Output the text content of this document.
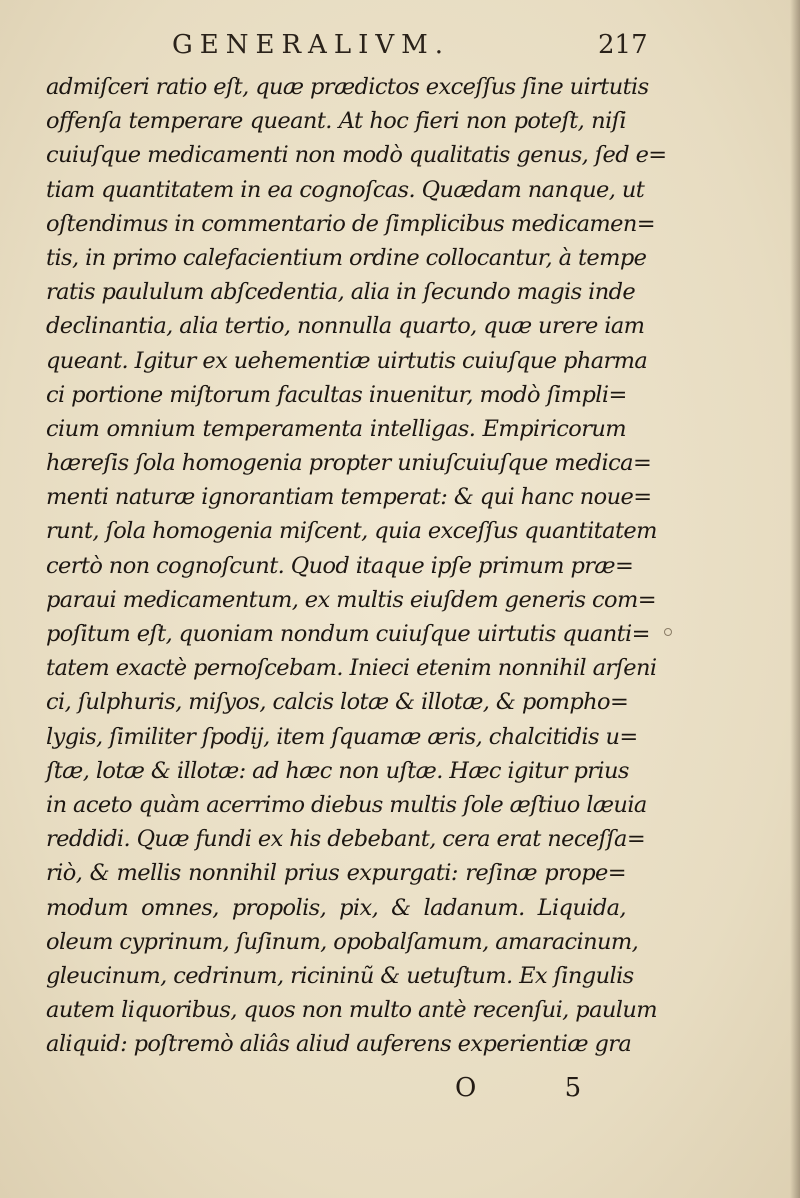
GENERALIVM.	217
admiſceri ratio eſt, quæ prædictos exceſſus ſine uirtutis
offenſa temperare queant. At hoc fieri non poteſt, niſi
cuiuſque medicamenti non modò qualitatis genus, ſed e=
tiam quantitatem in ea cognoſcas. Quædam nanque, ut
oſtendimus in commentario de ſimplicibus medicamen=
tis, in primo calefacientium ordine collocantur, à tempe
ratis paululum abſcedentia, alia in ſecundo magis inde
declinantia, alia tertio, nonnulla quarto, quæ urere iam
queant. Igitur ex uehementiæ uirtutis cuiuſque pharma
ci portione miſtorum facultas inuenitur, modò ſimpli=
cium omnium temperamenta intelligas. Empiricorum
hæreſis ſola homogenia propter uniuſcuiuſque medica=
menti naturæ ignorantiam temperat: & qui hanc noue=
runt, ſola homogenia miſcent, quia exceſſus quantitatem
certò non cognoſcunt. Quod itaque ipſe primum præ=
paraui medicamentum, ex multis eiuſdem generis com=
poſitum eſt, quoniam nondum cuiuſque uirtutis quanti=
tatem exactè pernoſcebam. Inieci etenim nonnihil arſeni
ci, ſulphuris, miſyos, calcis lotæ & illotæ, & pompho=
lygis, ſimiliter ſpodij, item ſquamæ æris, chalcitidis u=
ſtæ, lotæ & illotæ: ad hæc non uſtæ. Hæc igitur prius
in aceto quàm acerrimo diebus multis ſole æſtiuo læuia
reddidi. Quæ fundi ex his debebant, cera erat neceſſa=
riò, & mellis nonnihil prius expurgati: reſinæ prope=
modum omnes, propolis, pix, & ladanum. Liquida,
oleum cyprinum, ſuſinum, opobalſamum, amaracinum,
gleucinum, cedrinum, ricininũ & uetuſtum. Ex ſingulis
autem liquoribus, quos non multo antè recenſui, paulum
aliquid: poſtremò aliâs aliud auferens experientiæ gra
O 5
